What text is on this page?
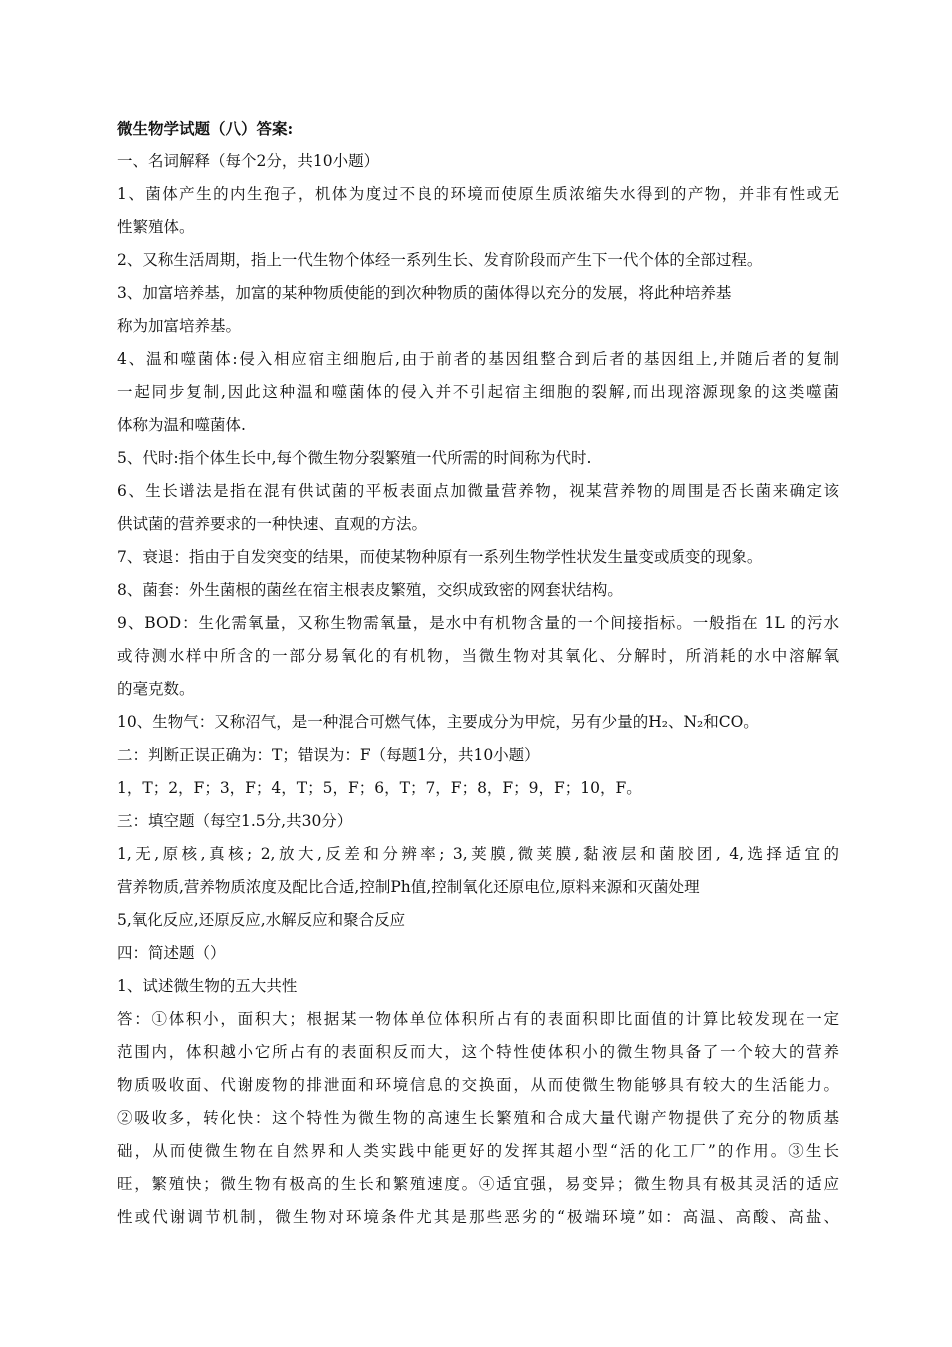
微生物学试题（八）答案:
一、名词解释（每个2分，共10小题）
1、菌体产生的内生孢子，机体为度过不良的环境而使原生质浓缩失水得到的产物，并非有性或无
性繁殖体。
2、又称生活周期，指上一代生物个体经一系列生长、发育阶段而产生下一代个体的全部过程。
3、加富培养基，加富的某种物质使能的到次种物质的菌体得以充分的发展，将此种培养基
称为加富培养基。
4、温和噬菌体:侵入相应宿主细胞后,由于前者的基因组整合到后者的基因组上,并随后者的复制
一起同步复制,因此这种温和噬菌体的侵入并不引起宿主细胞的裂解,而出现溶源现象的这类噬菌
体称为温和噬菌体.
5、代时:指个体生长中,每个微生物分裂繁殖一代所需的时间称为代时.
6、生长谱法是指在混有供试菌的平板表面点加微量营养物，视某营养物的周围是否长菌来确定该
供试菌的营养要求的一种快速、直观的方法。
7、衰退：指由于自发突变的结果，而使某物种原有一系列生物学性状发生量变或质变的现象。
8、菌套：外生菌根的菌丝在宿主根表皮繁殖，交织成致密的网套状结构。
9、BOD：生化需氧量，又称生物需氧量，是水中有机物含量的一个间接指标。一般指在 1L 的污水
或待测水样中所含的一部分易氧化的有机物，当微生物对其氧化、分解时，所消耗的水中溶解氧
的毫克数。
10、生物气：又称沼气，是一种混合可燃气体，主要成分为甲烷，另有少量的H₂、N₂和CO。
二：判断正误正确为：T；错误为：F（每题1分，共10小题）
1，T；2，F；3，F；4，T；5，F；6，T；7，F；8，F；9，F；10，F。
三：填空题（每空1.5分,共30分）
1,无,原核,真核; 2,放大,反差和分辨率; 3,荚膜,微荚膜,黏液层和菌胶团, 4,选择适宜的
营养物质,营养物质浓度及配比合适,控制Ph值,控制氧化还原电位,原料来源和灭菌处理
5,氧化反应,还原反应,水解反应和聚合反应
四：简述题（）
1、试述微生物的五大共性
答：①体积小，面积大；根据某一物体单位体积所占有的表面积即比面值的计算比较发现在一定
范围内，体积越小它所占有的表面积反而大，这个特性使体积小的微生物具备了一个较大的营养
物质吸收面、代谢废物的排泄面和环境信息的交换面，从而使微生物能够具有较大的生活能力。
②吸收多，转化快：这个特性为微生物的高速生长繁殖和合成大量代谢产物提供了充分的物质基
础，从而使微生物在自然界和人类实践中能更好的发挥其超小型“活的化工厂”的作用。③生长
旺，繁殖快；微生物有极高的生长和繁殖速度。④适宜强，易变异；微生物具有极其灵活的适应
性或代谢调节机制，微生物对环境条件尤其是那些恶劣的“极端环境”如：高温、高酸、高盐、
